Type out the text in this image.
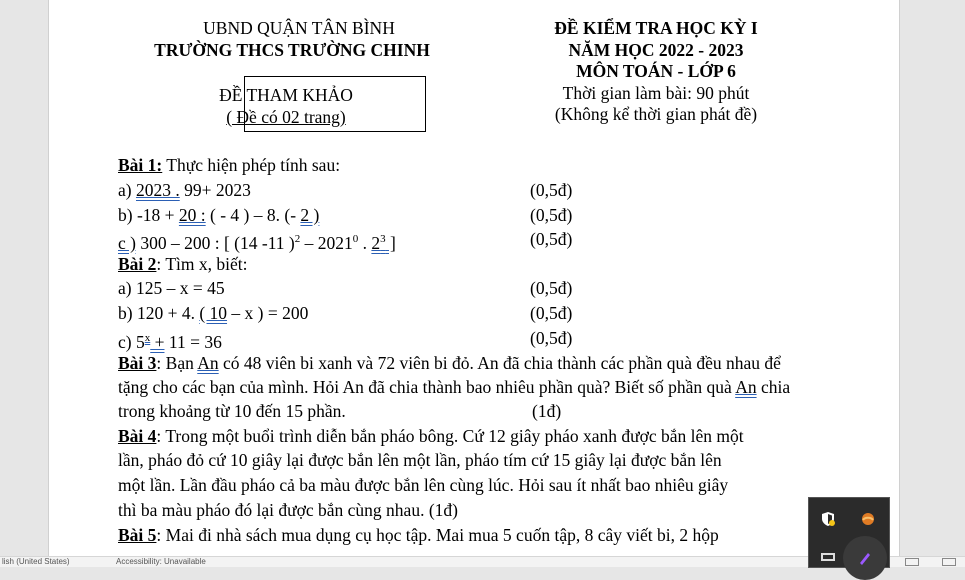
UBND QUẬN TÂN BÌNH
TRƯỜNG THCS TRƯỜNG CHINH
ĐỀ THAM KHẢO
( Đề có 02 trang)
ĐỀ KIỂM TRA HỌC KỲ I
NĂM HỌC 2022 - 2023
MÔN TOÁN - LỚP 6
Thời gian làm bài: 90 phút
(Không kể thời gian phát đề)
Bài 1: Thực hiện phép tính sau:
a) 2023 . 99+ 2023	(0,5đ)
b) -18 + 20 : ( - 4 ) – 8. (- 2 )	(0,5đ)
c ) 300 – 200 : [ (14 -11 )$^2$ – 2021$^0$ . $2^3$ ]	(0,5đ)
Bài 2: Tìm x, biết:
a) 125 – x = 45	(0,5đ)
b) 120 + 4. ( 10 – x ) = 200	(0,5đ)
c) $5^x + 11 = 36$	(0,5đ)
Bài 3: Bạn An có 48 viên bi xanh và 72 viên bi đỏ. An đã chia thành các phần quà đều nhau để
tặng cho các bạn của mình. Hỏi An đã chia thành bao nhiêu phần quà? Biết số phần quà An chia
trong khoảng từ 10 đến 15 phần.	(1đ)
Bài 4: Trong một buổi trình diễn bắn pháo bông. Cứ 12 giây pháo xanh được bắn lên một
lần, pháo đỏ cứ 10 giây lại được bắn lên một lần, pháo tím cứ 15 giây lại được bắn lên
một lần. Lần đầu pháo cả ba màu được bắn lên cùng lúc. Hỏi sau ít nhất bao nhiêu giây
thì ba màu pháo đó lại được bắn cùng nhau. (1đ)
Bài 5: Mai đi nhà sách mua dụng cụ học tập. Mai mua 5 cuốn tập, 8 cây viết bi, 2 hộp
lish (United States)	Accessibility: Unavailable
